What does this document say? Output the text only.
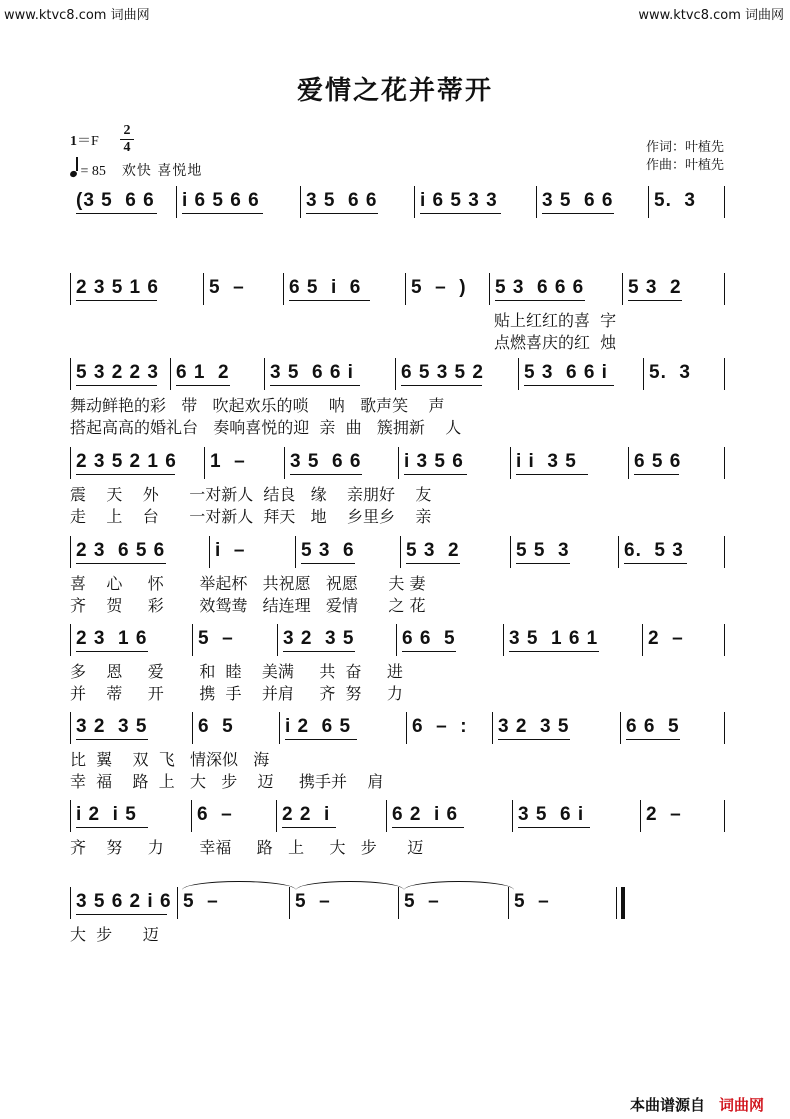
www.ktvc8.com 词曲网	www.ktvc8.com 词曲网
爱情之花并蒂开
1＝F
2
4
= 85 欢快 喜悦地
作词：叶植先
作曲：叶植先
(3 5  6 6	i 6 5 6 6	3 5  6 6	i 6 5 3 3	3 5  6 6	5.  3
2 3 5 1 6	5  –	6 5  i  6	5  –  )	5 3  6 6 6	5 3  2
贴上红红的喜  字
点燃喜庆的红  烛
5 3 2 2 3 6 1  2	3 5  6 6 i	6 5 3 5 2	5 3  6 6 i	5.  3
舞动鲜艳的彩   带   吹起欢乐的唢    呐   歌声笑    声
搭起高高的婚礼台   奏响喜悦的迎  亲  曲   簇拥新    人
2 3 5 2 1 6	1  –	3 5  6 6	i 3 5 6	i i  3 5	6 5 6
震    天    外      一对新人  结良   缘    亲朋好    友
走    上    台      一对新人  拜天   地    乡里乡    亲
2 3  6 5 6	i  –	5 3  6	5 3  2	5 5  3	6.  5 3
喜    心     怀       举起杯   共祝愿   祝愿      夫 妻
齐    贺     彩       效鸳鸯   结连理   爱情      之 花
2 3  1 6	5  –	3 2  3 5	6 6  5	3 5  1 6 1	2  –
多    恩     爱       和  睦    美满     共  奋     进
并    蒂     开       携  手    并肩     齐  努     力
3 2  3 5	6  5	i 2  6 5	6  –  :	3 2  3 5	6 6  5
比  翼    双  飞   情深似   海
幸  福    路  上   大   步    迈     携手并    肩
i 2  i 5	6  –	2 2  i	6 2  i 6	3 5  6 i	2  –
齐    努     力       幸福     路   上     大   步      迈
3 5 6 2 i 6 5  –	5  –	5  –	5  –
大  步      迈
本曲谱源自 词曲网
